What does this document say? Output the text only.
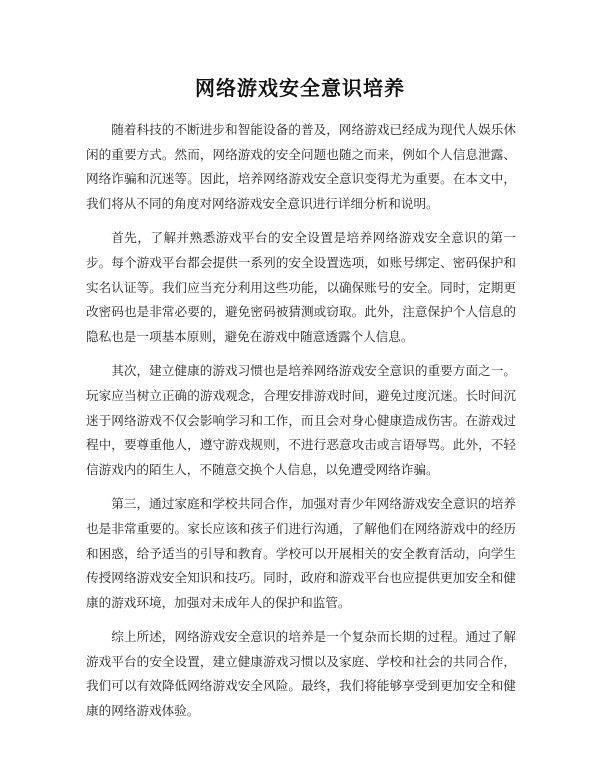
网络游戏安全意识培养

随着科技的不断进步和智能设备的普及，网络游戏已经成为现代人娱乐休闲的重要方式。然而，网络游戏的安全问题也随之而来，例如个人信息泄露、网络诈骗和沉迷等。因此，培养网络游戏安全意识变得尤为重要。在本文中，我们将从不同的角度对网络游戏安全意识进行详细分析和说明。

首先，了解并熟悉游戏平台的安全设置是培养网络游戏安全意识的第一步。每个游戏平台都会提供一系列的安全设置选项，如账号绑定、密码保护和实名认证等。我们应当充分利用这些功能，以确保账号的安全。同时，定期更改密码也是非常必要的，避免密码被猜测或窃取。此外，注意保护个人信息的隐私也是一项基本原则，避免在游戏中随意透露个人信息。

其次，建立健康的游戏习惯也是培养网络游戏安全意识的重要方面之一。玩家应当树立正确的游戏观念，合理安排游戏时间，避免过度沉迷。长时间沉迷于网络游戏不仅会影响学习和工作，而且会对身心健康造成伤害。在游戏过程中，要尊重他人，遵守游戏规则，不进行恶意攻击或言语辱骂。此外，不轻信游戏内的陌生人，不随意交换个人信息，以免遭受网络诈骗。

第三，通过家庭和学校共同合作，加强对青少年网络游戏安全意识的培养也是非常重要的。家长应该和孩子们进行沟通，了解他们在网络游戏中的经历和困惑，给予适当的引导和教育。学校可以开展相关的安全教育活动，向学生传授网络游戏安全知识和技巧。同时，政府和游戏平台也应提供更加安全和健康的游戏环境，加强对未成年人的保护和监管。

综上所述，网络游戏安全意识的培养是一个复杂而长期的过程。通过了解游戏平台的安全设置，建立健康游戏习惯以及家庭、学校和社会的共同合作，我们可以有效降低网络游戏安全风险。最终，我们将能够享受到更加安全和健康的网络游戏体验。
